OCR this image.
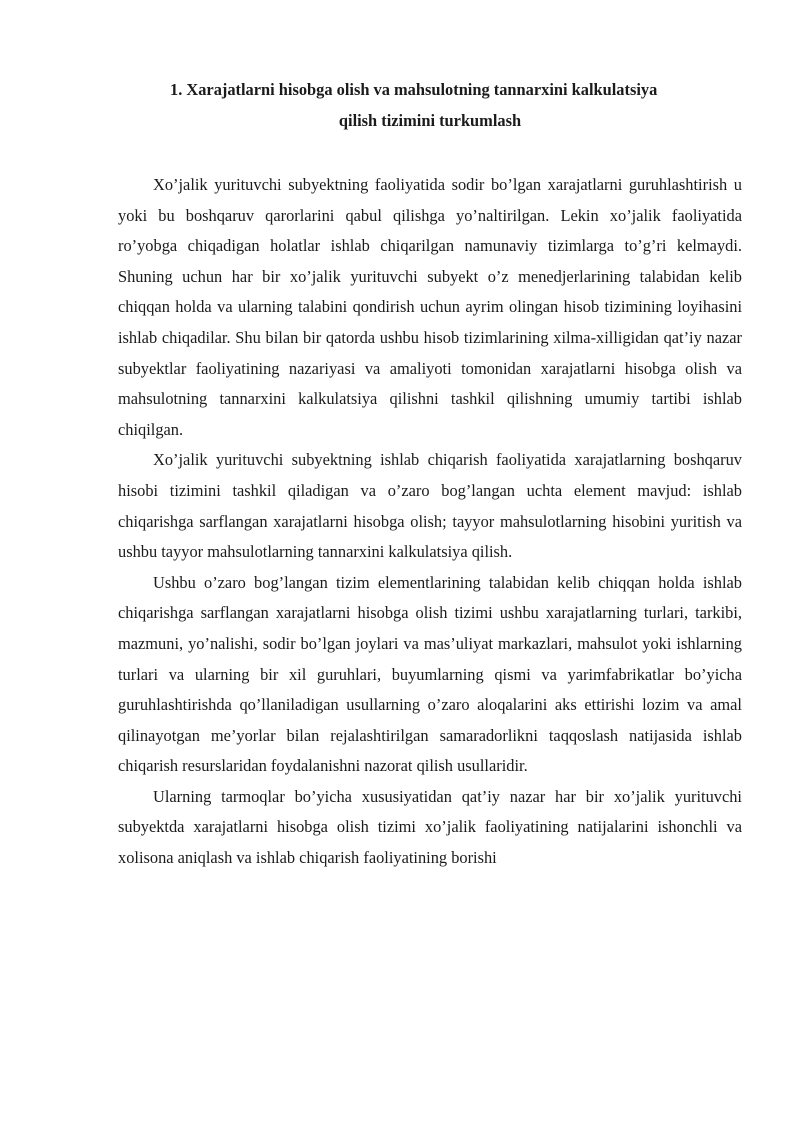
1. Xarajatlarni hisobga olish va mahsulotning tannarxini kalkulatsiya
qilish tizimini turkumlash

Xo’jalik yurituvchi subyektning faoliyatida sodir bo’lgan xarajatlarni guruhlashtirish u yoki bu boshqaruv qarorlarini qabul qilishga yo’naltirilgan. Lekin xo’jalik faoliyatida ro’yobga chiqadigan holatlar ishlab chiqarilgan namunaviy tizimlarga to’g’ri kelmaydi. Shuning uchun har bir xo’jalik yurituvchi subyekt o’z menedjerlarining talabidan kelib chiqqan holda va ularning talabini qondirish uchun ayrim olingan hisob tizimining loyihasini ishlab chiqadilar. Shu bilan bir qatorda ushbu hisob tizimlarining xilma-xilligidan qat’iy nazar subyektlar faoliyatining nazariyasi va amaliyoti tomonidan xarajatlarni hisobga olish va mahsulotning tannarxini kalkulatsiya qilishni tashkil qilishning umumiy tartibi ishlab chiqilgan.

Xo’jalik yurituvchi subyektning ishlab chiqarish faoliyatida xarajatlarning boshqaruv hisobi tizimini tashkil qiladigan va o’zaro bog’langan uchta element mavjud: ishlab chiqarishga sarflangan xarajatlarni hisobga olish; tayyor mahsulotlarning hisobini yuritish va ushbu tayyor mahsulotlarning tannarxini kalkulatsiya qilish.

Ushbu o’zaro bog’langan tizim elementlarining talabidan kelib chiqqan holda ishlab chiqarishga sarflangan xarajatlarni hisobga olish tizimi ushbu xarajatlarning turlari, tarkibi, mazmuni, yo’nalishi, sodir bo’lgan joylari va mas’uliyat markazlari, mahsulot yoki ishlarning turlari va ularning bir xil guruhlari, buyumlarning qismi va yarimfabrikatlar bo’yicha guruhlashtirishda qo’llaniladigan usullarning o’zaro aloqalarini aks ettirishi lozim va amal qilinayotgan me’yorlar bilan rejalashtirilgan samaradorlikni taqqoslash natijasida ishlab chiqarish resurslaridan foydalanishni nazorat qilish usullaridir.

Ularning tarmoqlar bo’yicha xususiyatidan qat’iy nazar har bir xo’jalik yurituvchi subyektda xarajatlarni hisobga olish tizimi xo’jalik faoliyatining natijalarini ishonchli va xolisona aniqlash va ishlab chiqarish faoliyatining borishi
